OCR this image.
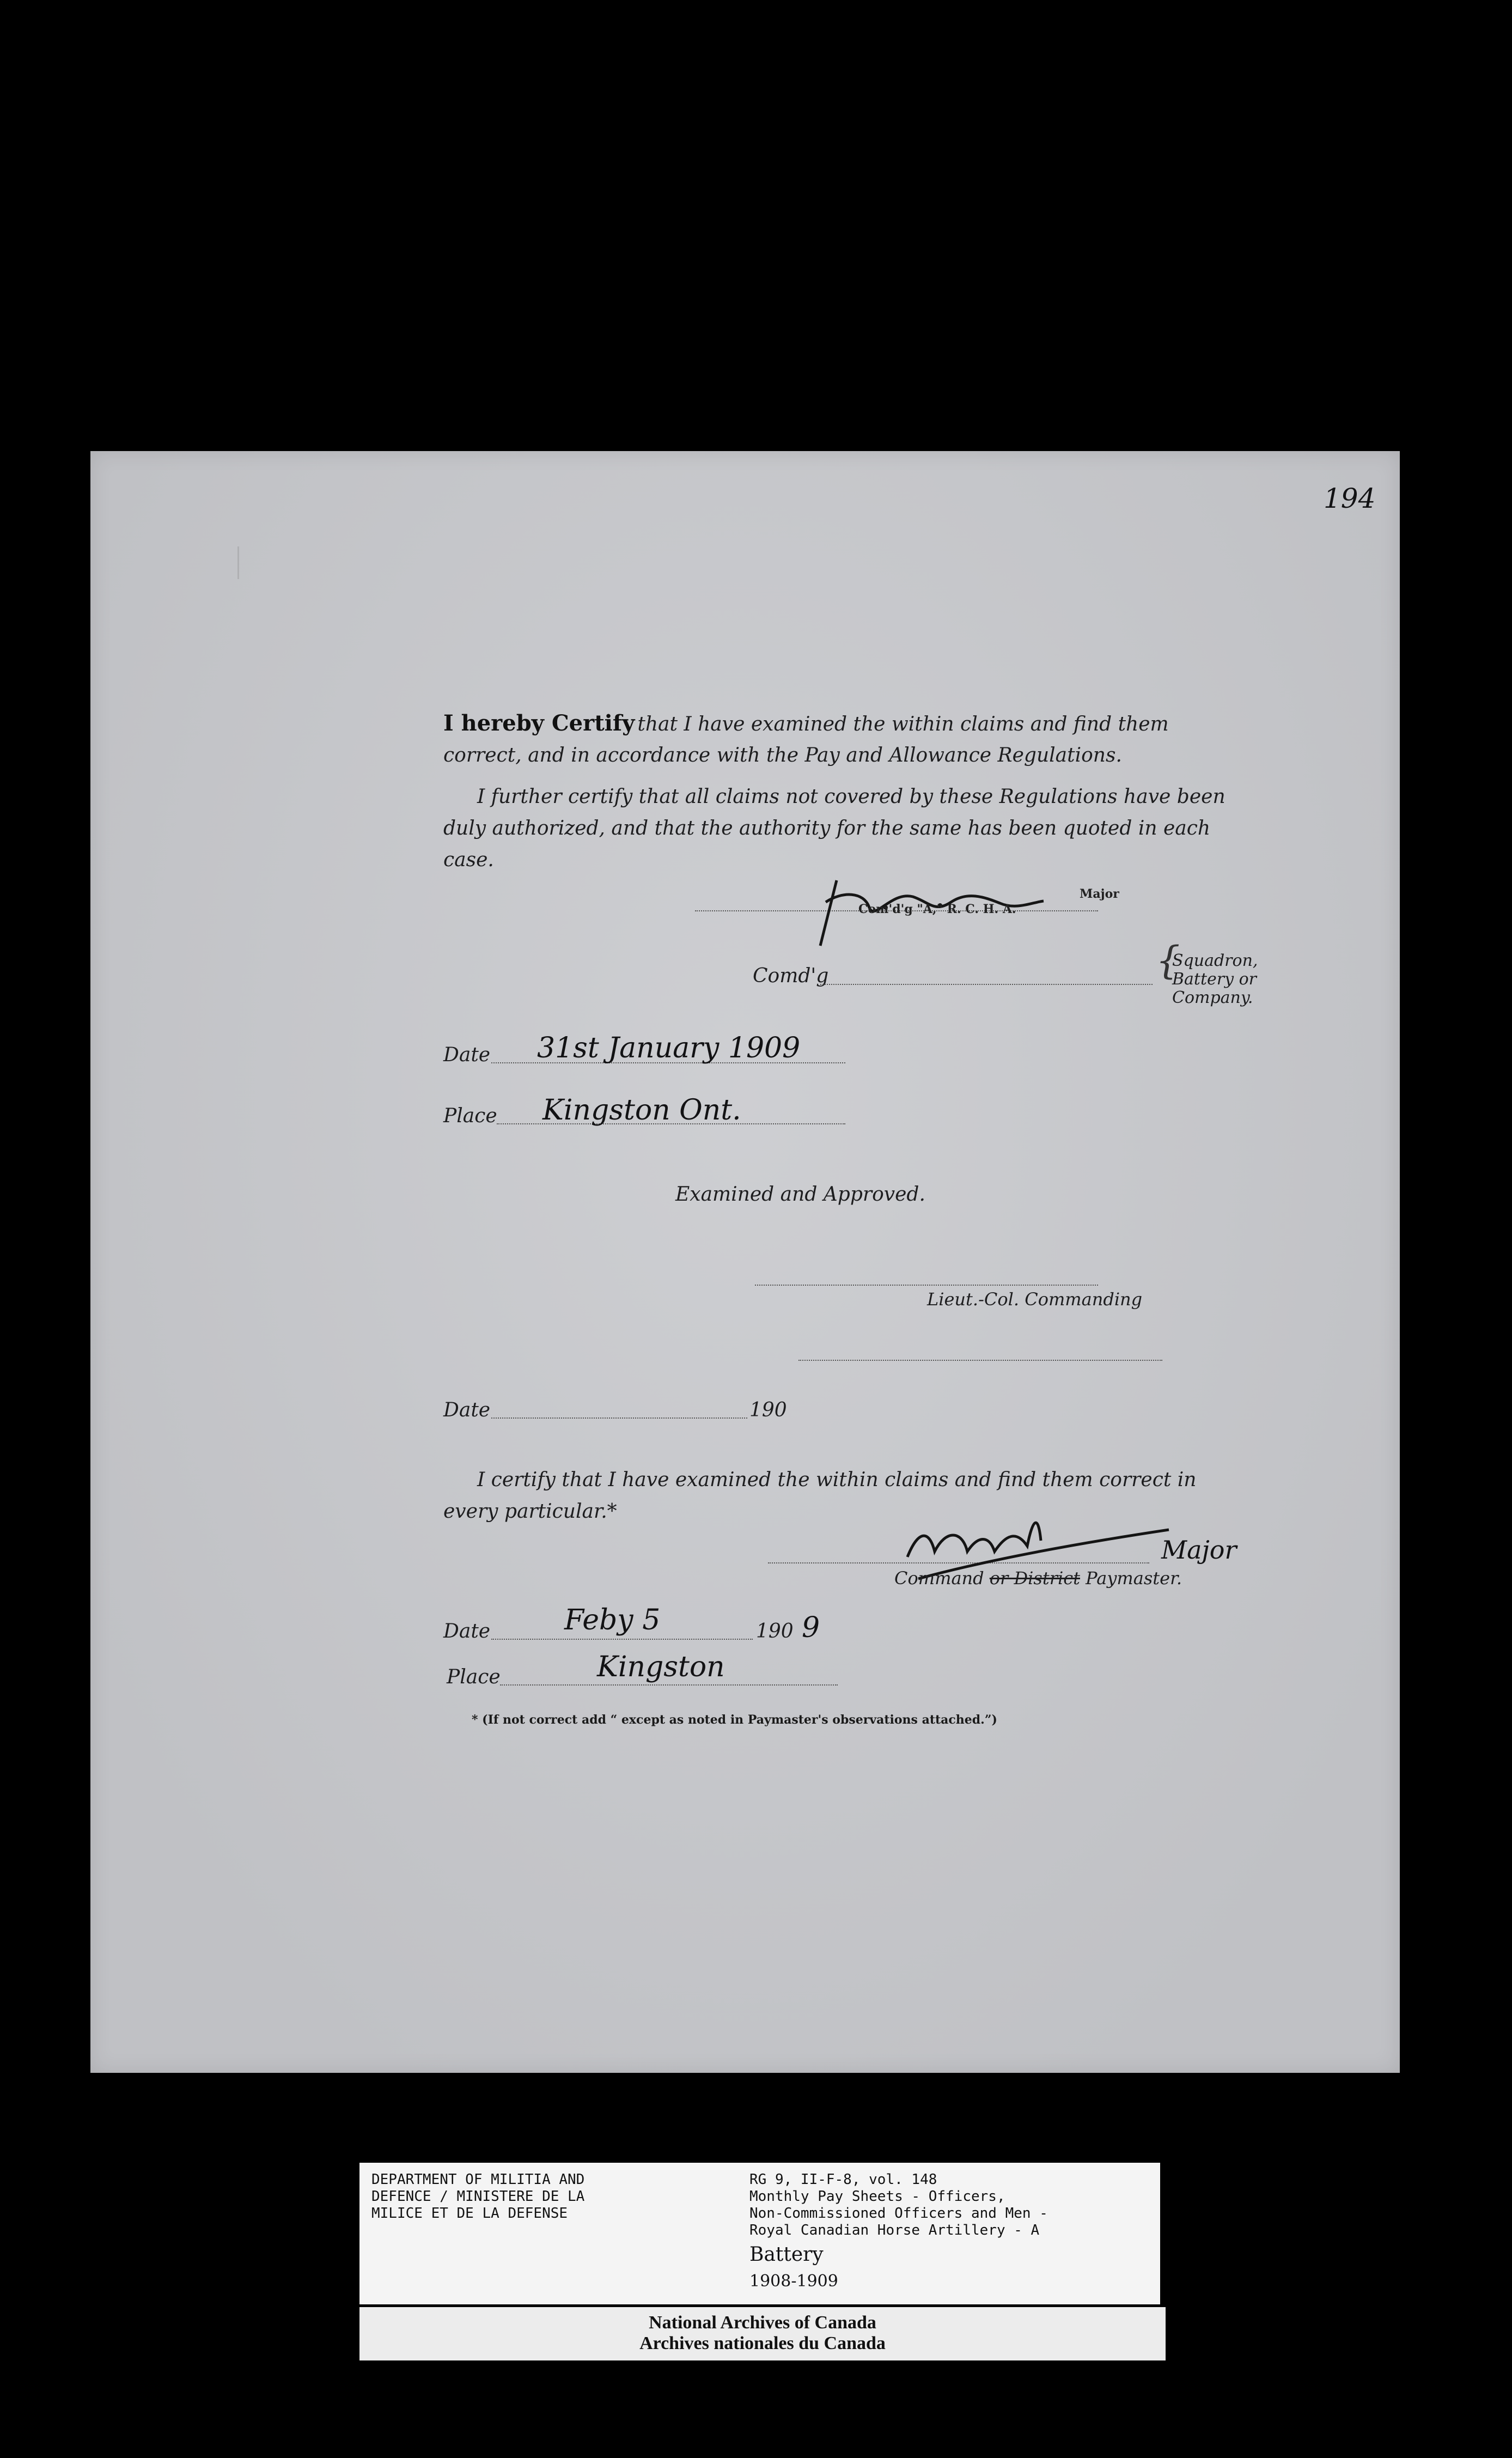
194
I hereby Certify that I have examined the within claims and find them
correct, and in accordance with the Pay and Allowance Regulations.
I further certify that all claims not covered by these Regulations have been
duly authorized, and that the authority for the same has been quoted in each
case.
Major
Com'd'g "A," R. C. H. A.
Comd'g	{
Squadron,
Battery or
Company.
Date 31st January 1909
Place Kingston Ont.
Examined and Approved.
Lieut.-Col. Commanding
Date	190
I certify that I have examined the within claims and find them correct in
every particular.*
Major
Command or District Paymaster.
Date	Feby 5	190 9
Place	Kingston
* (If not correct add “ except as noted in Paymaster's observations attached.”)
DEPARTMENT OF MILITIA AND
DEFENCE / MINISTERE DE LA
MILICE ET DE LA DEFENSE
RG 9, II-F-8, vol. 148
Monthly Pay Sheets - Officers,
Non-Commissioned Officers and Men -
Royal Canadian Horse Artillery - A
Battery
1908-1909
National Archives of Canada
Archives nationales du Canada
